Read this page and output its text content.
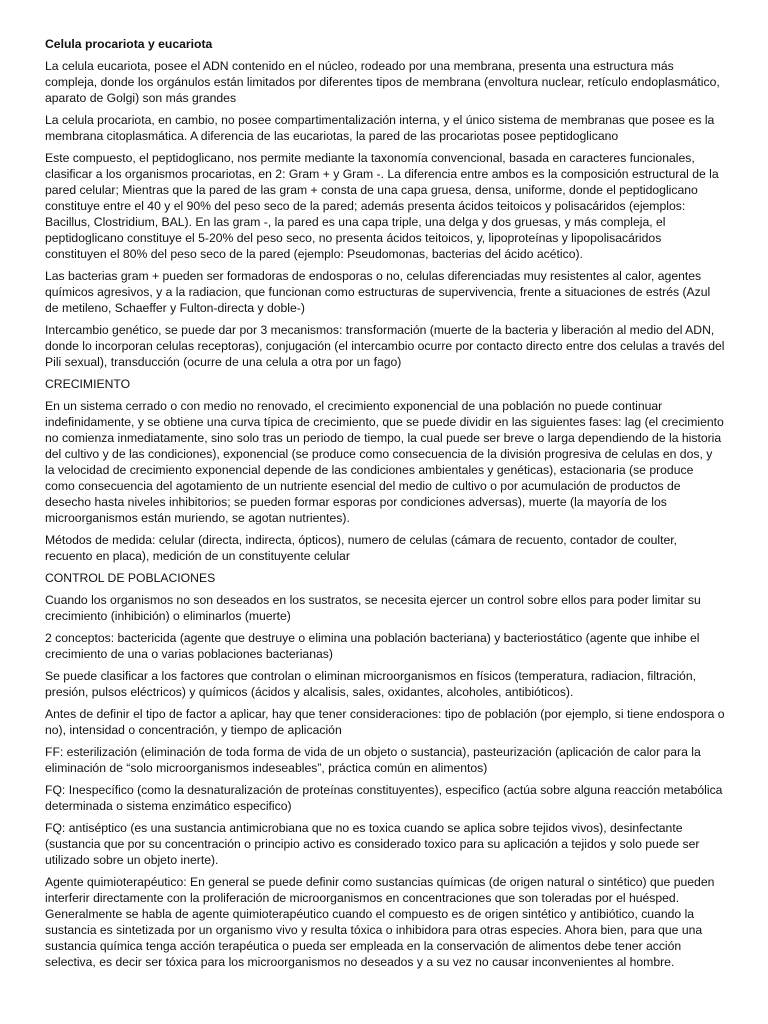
Celula procariota y eucariota

La celula eucariota, posee el ADN contenido en el núcleo, rodeado por una membrana, presenta una estructura más compleja, donde los orgánulos están limitados por diferentes tipos de membrana (envoltura nuclear, retículo endoplasmático, aparato de Golgi) son más grandes

La celula procariota, en cambio, no posee compartimentalización interna, y el único sistema de membranas que posee es la membrana citoplasmática. A diferencia de las eucariotas, la pared de las procariotas posee peptidoglicano

Este compuesto, el peptidoglicano, nos permite mediante la taxonomía convencional, basada en caracteres funcionales, clasificar a los organismos procariotas, en 2: Gram + y Gram -. La diferencia entre ambos es la composición estructural de la pared celular; Mientras que la pared de las gram + consta de una capa gruesa, densa, uniforme, donde el peptidoglicano constituye entre el 40 y el 90% del peso seco de la pared; además presenta ácidos teitoicos y polisacáridos (ejemplos: Bacillus, Clostridium, BAL). En las gram -, la pared es una capa triple, una delga y dos gruesas, y más compleja, el peptidoglicano constituye el 5-20% del peso seco, no presenta ácidos teitoicos, y, lipoproteínas y lipopolisacáridos constituyen el 80% del peso seco de la pared (ejemplo: Pseudomonas, bacterias del ácido acético).

Las bacterias gram + pueden ser formadoras de endosporas o no, celulas diferenciadas muy resistentes al calor, agentes químicos agresivos, y a la radiacion, que funcionan como estructuras de supervivencia, frente a situaciones de estrés (Azul de metileno, Schaeffer y Fulton-directa y doble-)

Intercambio genético, se puede dar por 3 mecanismos: transformación (muerte de la bacteria y liberación al medio del ADN, donde lo incorporan celulas receptoras), conjugación (el intercambio ocurre por contacto directo entre dos celulas a través del Pili sexual), transducción (ocurre de una celula a otra por un fago)

CRECIMIENTO

En un sistema cerrado o con medio no renovado, el crecimiento exponencial de una población no puede continuar indefinidamente, y se obtiene una curva típica de crecimiento, que se puede dividir en las siguientes fases: lag (el crecimiento no comienza inmediatamente, sino solo tras un periodo de tiempo, la cual puede ser breve o larga dependiendo de la historia del cultivo y de las condiciones), exponencial (se produce como consecuencia de la división progresiva de celulas en dos, y la velocidad de crecimiento exponencial depende de las condiciones ambientales y genéticas), estacionaria (se produce como consecuencia del agotamiento de un nutriente esencial del medio de cultivo o por acumulación de productos de desecho hasta niveles inhibitorios; se pueden formar esporas por condiciones adversas), muerte (la mayoría de los microorganismos están muriendo, se agotan nutrientes).

Métodos de medida: celular (directa, indirecta, ópticos), numero de celulas (cámara de recuento, contador de coulter, recuento en placa), medición de un constituyente celular

CONTROL DE POBLACIONES

Cuando los organismos no son deseados en los sustratos, se necesita ejercer un control sobre ellos para poder limitar su crecimiento (inhibición) o eliminarlos (muerte)

2 conceptos: bactericida (agente que destruye o elimina una población bacteriana) y bacteriostático (agente que inhibe el crecimiento de una o varias poblaciones bacterianas)

Se puede clasificar a los factores que controlan o eliminan microorganismos en físicos (temperatura, radiacion, filtración, presión, pulsos eléctricos) y químicos (ácidos y alcalisis, sales, oxidantes, alcoholes, antibióticos).

Antes de definir el tipo de factor a aplicar, hay que tener consideraciones: tipo de población (por ejemplo, si tiene endospora o no), intensidad o concentración, y tiempo de aplicación

FF: esterilización (eliminación de toda forma de vida de un objeto o sustancia), pasteurización (aplicación de calor para la eliminación de “solo microorganismos indeseables”, práctica común en alimentos)

FQ: Inespecífico (como la desnaturalización de proteínas constituyentes), especifico (actúa sobre alguna reacción metabólica determinada o sistema enzimático especifico)

FQ: antiséptico (es una sustancia antimicrobiana que no es toxica cuando se aplica sobre tejidos vivos), desinfectante (sustancia que por su concentración o principio activo es considerado toxico para su aplicación a tejidos y solo puede ser utilizado sobre un objeto inerte).

Agente quimioterapéutico: En general se puede definir como sustancias químicas (de origen natural o sintético) que pueden interferir directamente con la proliferación de microorganismos en concentraciones que son toleradas por el huésped. Generalmente se habla de agente quimioterapéutico cuando el compuesto es de origen sintético y antibiótico, cuando la sustancia es sintetizada por un organismo vivo y resulta tóxica o inhibidora para otras especies. Ahora bien, para que una sustancia química tenga acción terapéutica o pueda ser empleada en la conservación de alimentos debe tener acción selectiva, es decir ser tóxica para los microorganismos no deseados y a su vez no causar inconvenientes al hombre.
